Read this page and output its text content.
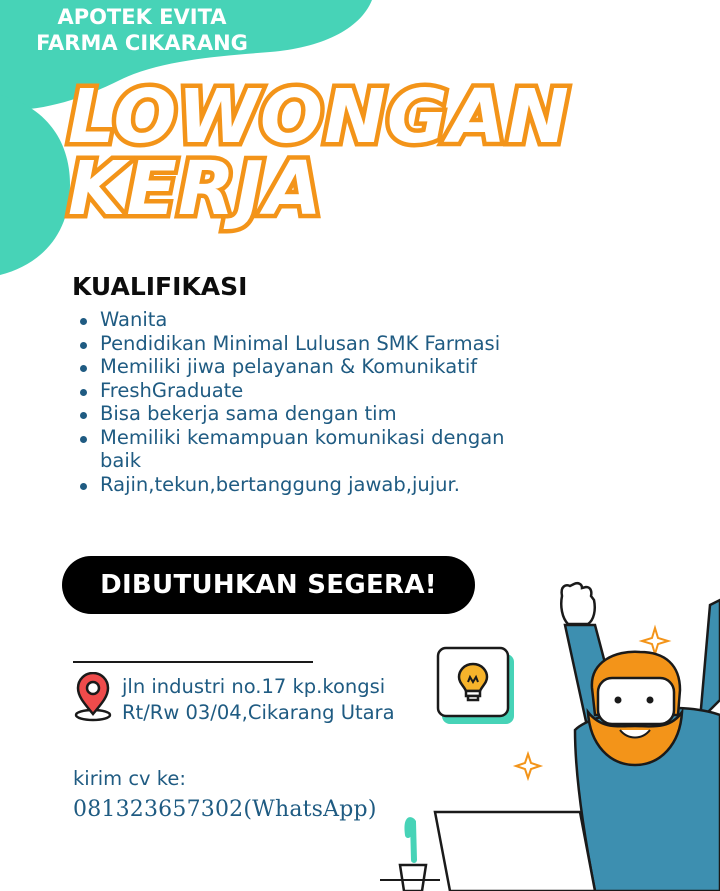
APOTEK EVITA
FARMA CIKARANG
LOWONGAN
KERJA
KUALIFIKASI
Wanita
Pendidikan Minimal Lulusan SMK Farmasi
Memiliki jiwa pelayanan & Komunikatif
FreshGraduate
Bisa bekerja sama dengan tim
Memiliki kemampuan komunikasi dengan baik
Rajin,tekun,bertanggung jawab,jujur.
DIBUTUHKAN SEGERA!
jln industri no.17 kp.kongsi
Rt/Rw 03/04,Cikarang Utara
kirim cv ke:
081323657302(WhatsApp)
